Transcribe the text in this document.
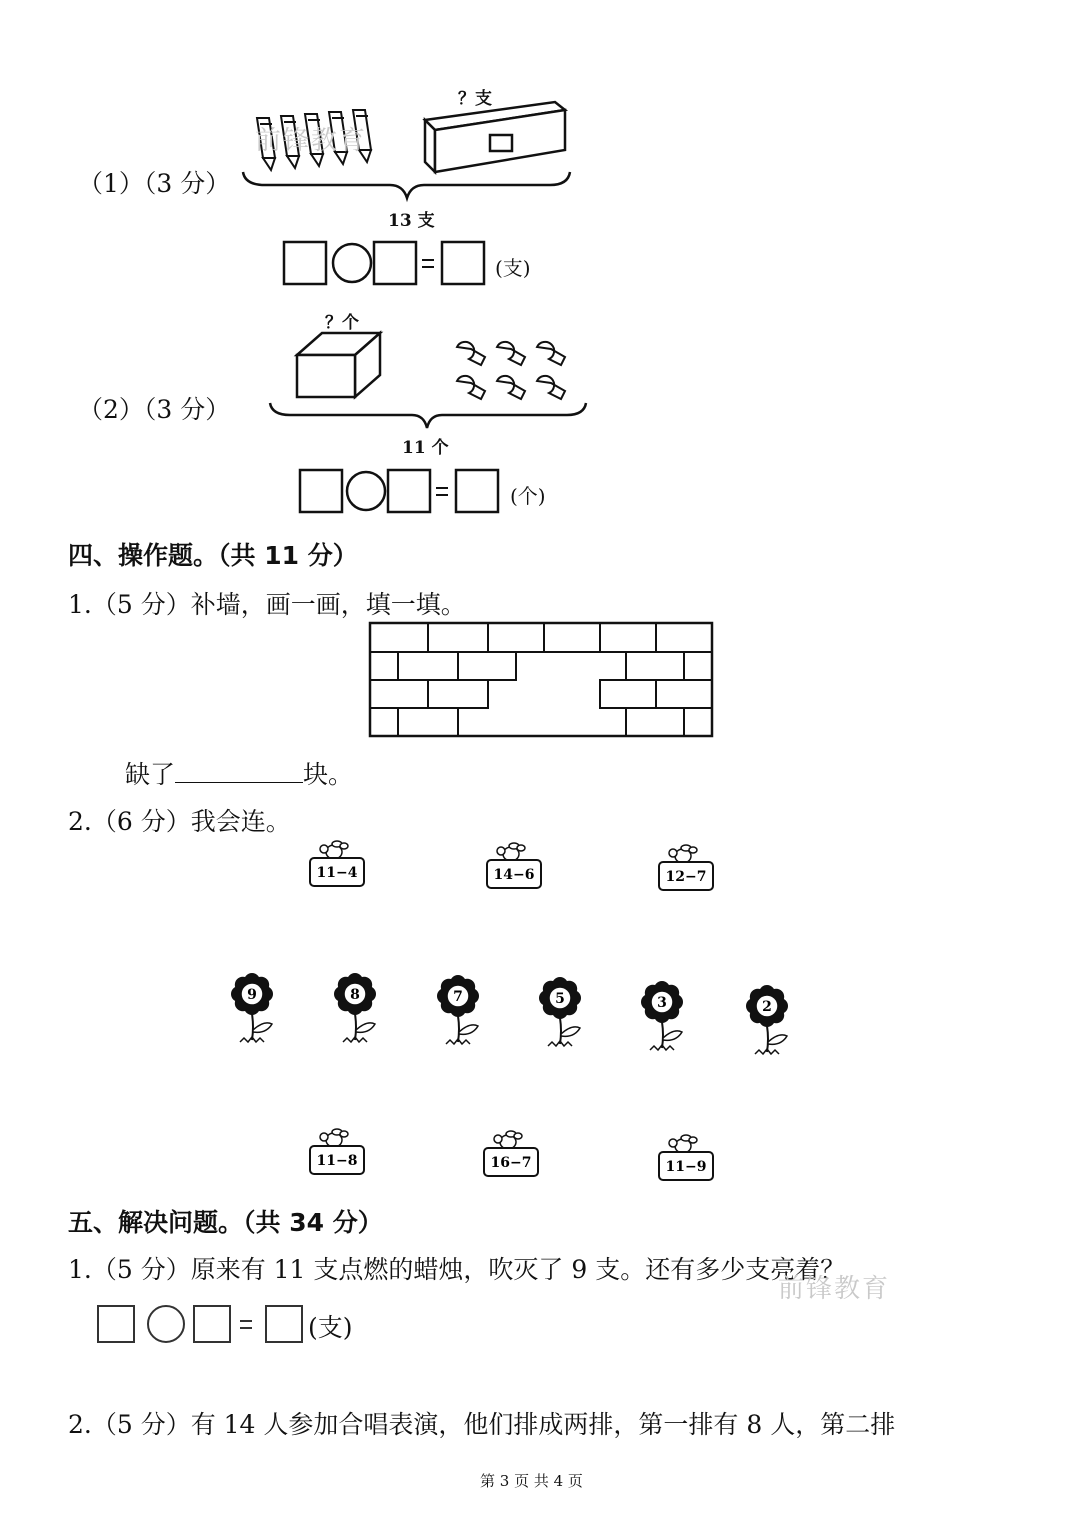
（1）（3 分）
前锋教育
？支
13 支
(支)
（2）（3 分）
？个
11 个
(个)
四、操作题。（共 11 分）
1.（5 分）补墙，画一画，填一填。
缺了	块。
2.（6 分）我会连。
11−4	14−6	12−7
9	8	7	5	3	2
11−8	16−7	11−9
五、解决问题。（共 34 分）
1.（5 分）原来有 11 支点燃的蜡烛，吹灭了 9 支。还有多少支亮着？
前锋教育
(支)
2.（5 分）有 14 人参加合唱表演，他们排成两排，第一排有 8 人，第二排
第 3 页 共 4 页
